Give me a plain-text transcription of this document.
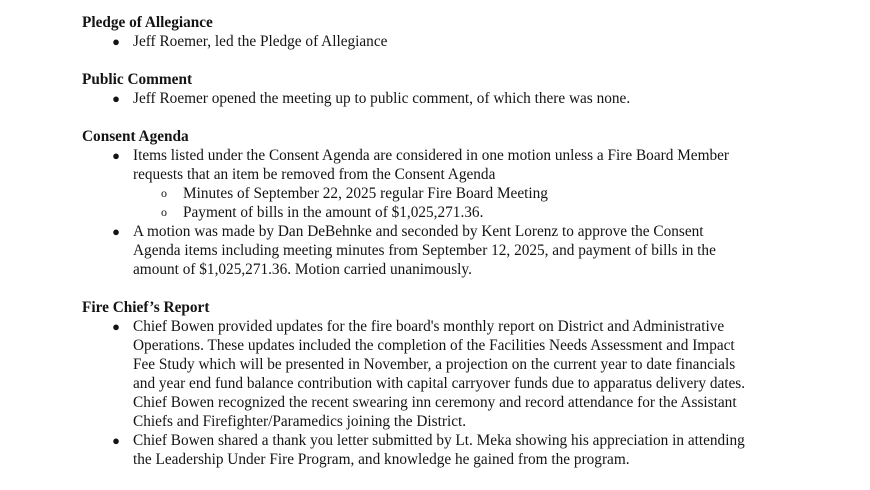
Pledge of Allegiance
● Jeff Roemer, led the Pledge of Allegiance
Public Comment
● Jeff Roemer opened the meeting up to public comment, of which there was none.
Consent Agenda
● Items listed under the Consent Agenda are considered in one motion unless a Fire Board Member
requests that an item be removed from the Consent Agenda
o Minutes of September 22, 2025 regular Fire Board Meeting
o Payment of bills in the amount of $1,025,271.36.
● A motion was made by Dan DeBehnke and seconded by Kent Lorenz to approve the Consent
Agenda items including meeting minutes from September 12, 2025, and payment of bills in the
amount of $1,025,271.36. Motion carried unanimously.
Fire Chief’s Report
● Chief Bowen provided updates for the fire board's monthly report on District and Administrative
Operations. These updates included the completion of the Facilities Needs Assessment and Impact
Fee Study which will be presented in November, a projection on the current year to date financials
and year end fund balance contribution with capital carryover funds due to apparatus delivery dates.
Chief Bowen recognized the recent swearing inn ceremony and record attendance for the Assistant
Chiefs and Firefighter/Paramedics joining the District.
● Chief Bowen shared a thank you letter submitted by Lt. Meka showing his appreciation in attending
the Leadership Under Fire Program, and knowledge he gained from the program.
